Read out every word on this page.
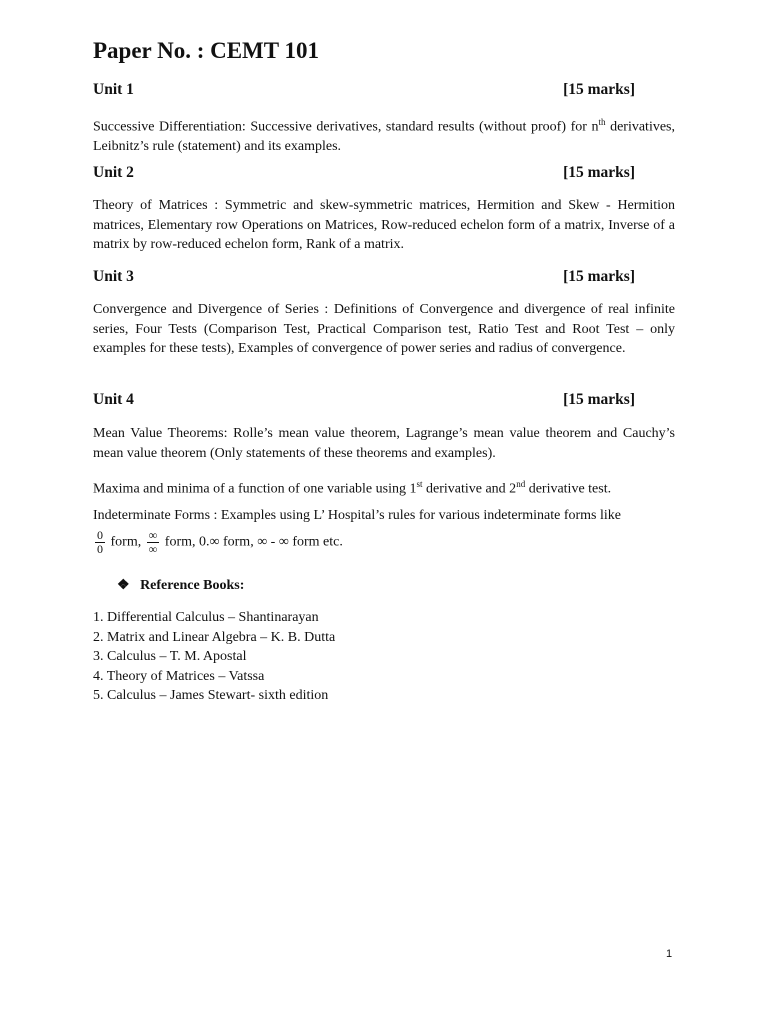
Paper No. : CEMT 101
Unit 1	[15 marks]

Successive Differentiation: Successive derivatives, standard results (without proof) for $n^{th}$ derivatives, Leibnitz’s rule (statement) and its examples.

Unit 2	[15 marks]

Theory of Matrices : Symmetric and skew-symmetric matrices, Hermition and Skew - Hermition matrices, Elementary row Operations on Matrices, Row-reduced echelon form of a matrix, Inverse of a matrix by row-reduced echelon form, Rank of a matrix.

Unit 3	[15 marks]

Convergence and Divergence of Series : Definitions of Convergence and divergence of real infinite series, Four Tests (Comparison Test, Practical Comparison test, Ratio Test and Root Test – only examples for these tests), Examples of convergence of power series and radius of convergence.

Unit 4	[15 marks]

Mean Value Theorems: Rolle’s mean value theorem, Lagrange’s mean value theorem and Cauchy’s mean value theorem (Only statements of these theorems and examples).

Maxima and minima of a function of one variable using 1st derivative and 2nd derivative test.

Indeterminate Forms : Examples using L’ Hospital’s rules for various indeterminate forms like

$\frac{0}{0}$ form, $\frac{\infty}{\infty}$ form, 0.∞ form, ∞ - ∞ form etc.
❖ Reference Books:
1. Differential Calculus – Shantinarayan
2. Matrix and Linear Algebra – K. B. Dutta
3. Calculus – T. M. Apostal
4. Theory of Matrices – Vatssa
5. Calculus – James Stewart- sixth edition
1
